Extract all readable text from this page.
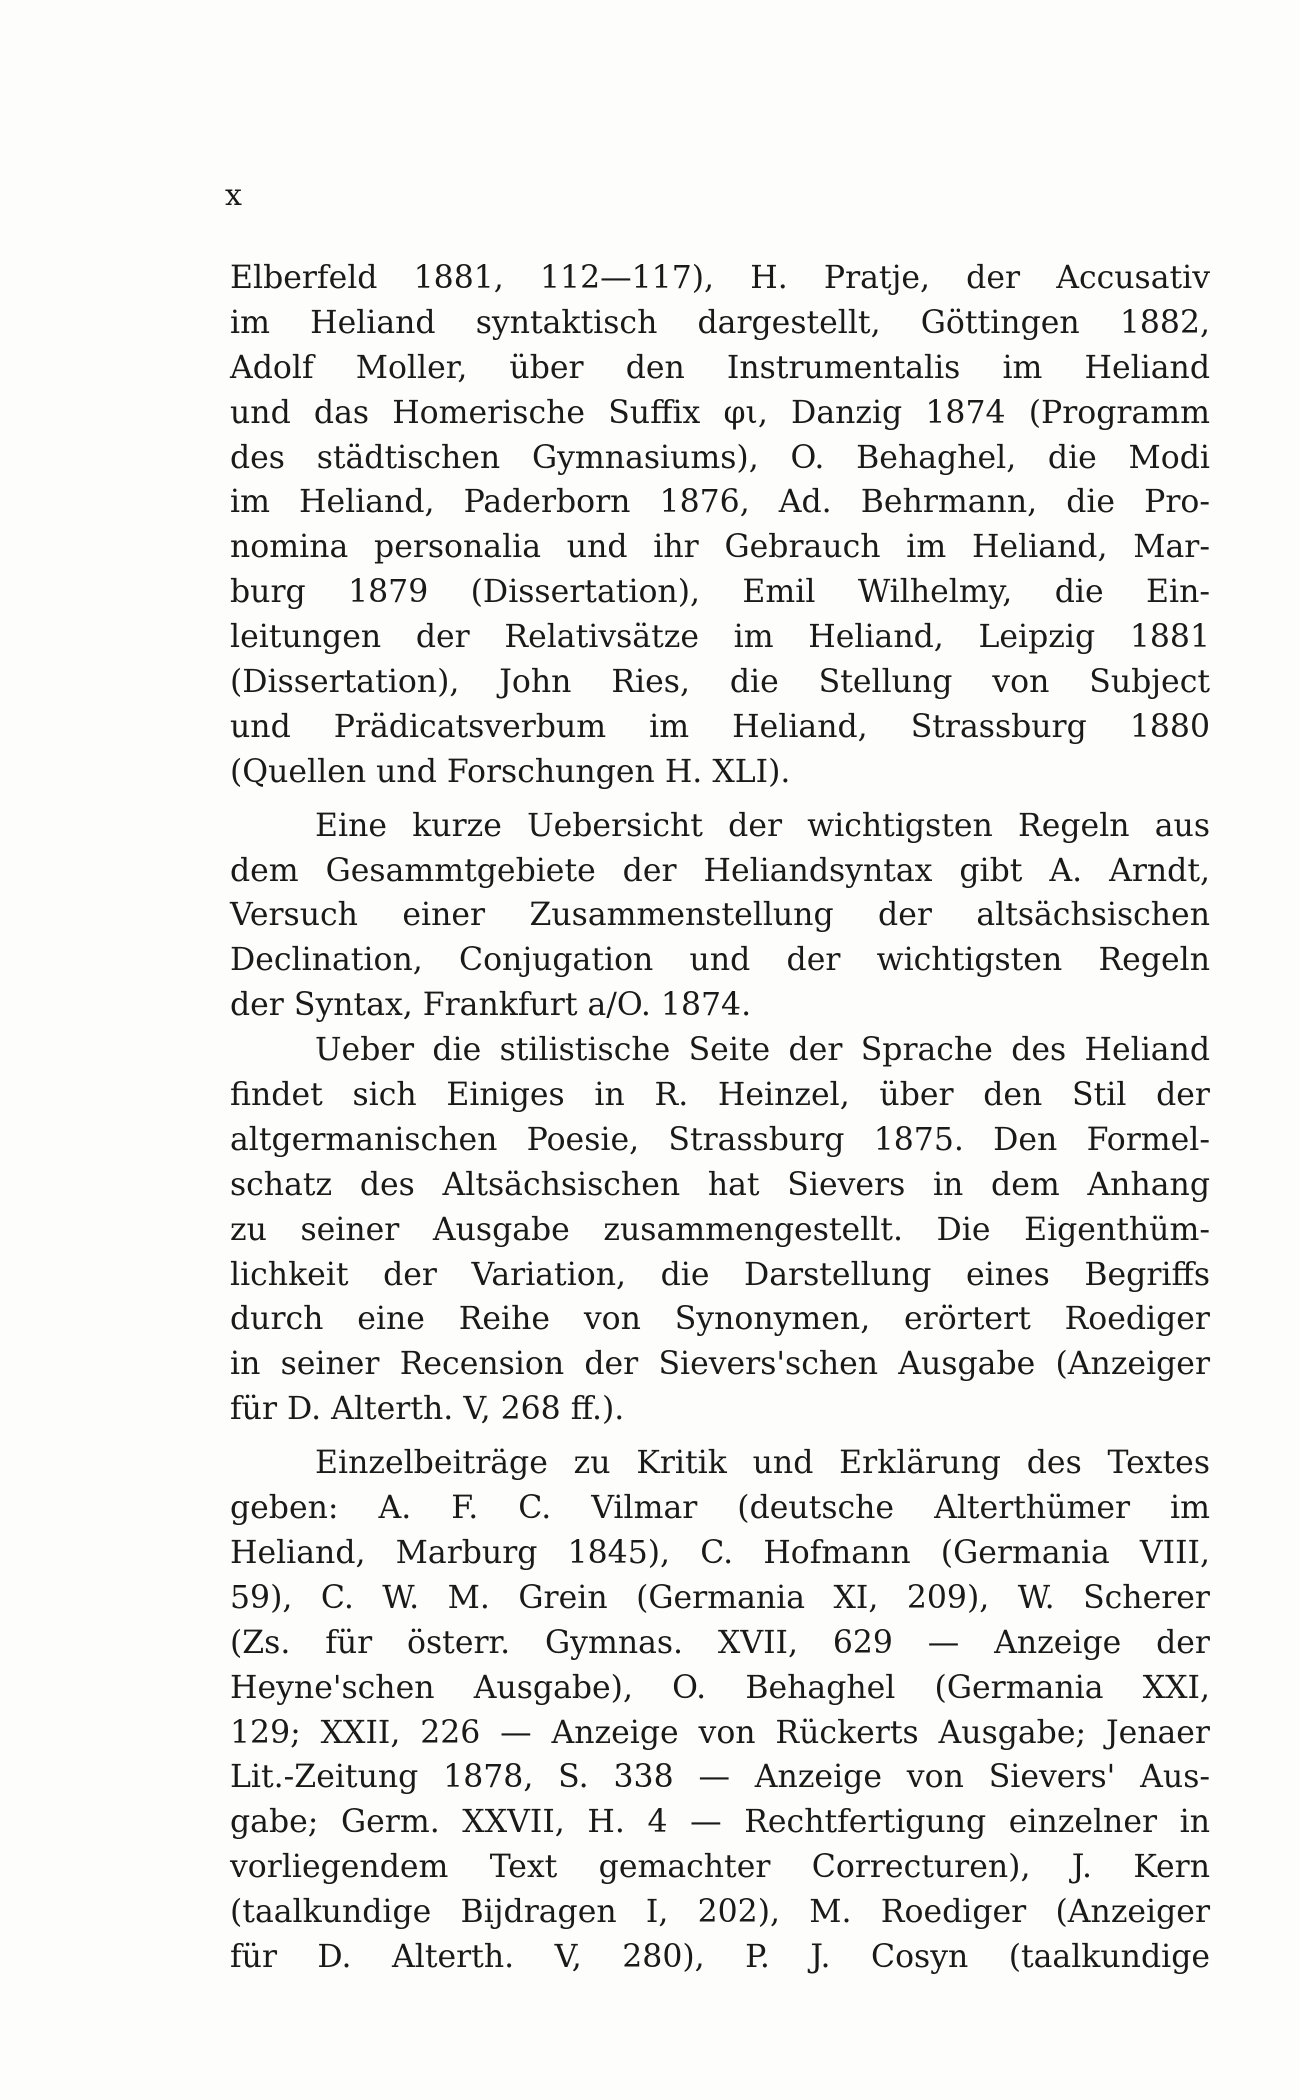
x
Elberfeld 1881, 112—117), H. Pratje, der Accusativ
im Heliand syntaktisch dargestellt, Göttingen 1882,
Adolf Moller, über den Instrumentalis im Heliand
und das Homerische Suffix φι, Danzig 1874 (Programm
des städtischen Gymnasiums), O. Behaghel, die Modi
im Heliand, Paderborn 1876, Ad. Behrmann, die Pro-
nomina personalia und ihr Gebrauch im Heliand, Mar-
burg 1879 (Dissertation), Emil Wilhelmy, die Ein-
leitungen der Relativsätze im Heliand, Leipzig 1881
(Dissertation), John Ries, die Stellung von Subject
und Prädicatsverbum im Heliand, Strassburg 1880
(Quellen und Forschungen H. XLI).
Eine kurze Uebersicht der wichtigsten Regeln aus
dem Gesammtgebiete der Heliandsyntax gibt A. Arndt,
Versuch einer Zusammenstellung der altsächsischen
Declination, Conjugation und der wichtigsten Regeln
der Syntax, Frankfurt a/O. 1874.
Ueber die stilistische Seite der Sprache des Heliand
findet sich Einiges in R. Heinzel, über den Stil der
altgermanischen Poesie, Strassburg 1875. Den Formel-
schatz des Altsächsischen hat Sievers in dem Anhang
zu seiner Ausgabe zusammengestellt. Die Eigenthüm-
lichkeit der Variation, die Darstellung eines Begriffs
durch eine Reihe von Synonymen, erörtert Roediger
in seiner Recension der Sievers'schen Ausgabe (Anzeiger
für D. Alterth. V, 268 ff.).
Einzelbeiträge zu Kritik und Erklärung des Textes
geben: A. F. C. Vilmar (deutsche Alterthümer im
Heliand, Marburg 1845), C. Hofmann (Germania VIII,
59), C. W. M. Grein (Germania XI, 209), W. Scherer
(Zs. für österr. Gymnas. XVII, 629 — Anzeige der
Heyne'schen Ausgabe), O. Behaghel (Germania XXI,
129; XXII, 226 — Anzeige von Rückerts Ausgabe; Jenaer
Lit.-Zeitung 1878, S. 338 — Anzeige von Sievers' Aus-
gabe; Germ. XXVII, H. 4 — Rechtfertigung einzelner in
vorliegendem Text gemachter Correcturen), J. Kern
(taalkundige Bijdragen I, 202), M. Roediger (Anzeiger
für D. Alterth. V, 280), P. J. Cosyn (taalkundige
